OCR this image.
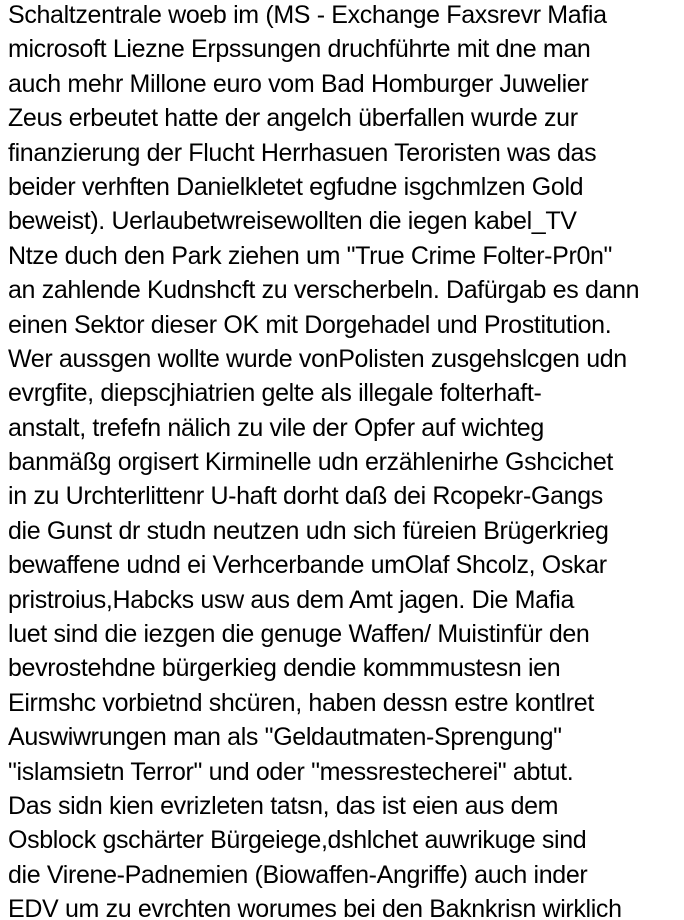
Schaltzentrale woeb im (MS - Exchange Faxsrevr Mafia
microsoft Liezne Erpssungen druchführte mit dne man
auch mehr Millone euro vom Bad Homburger Juwelier
Zeus erbeutet hatte der angelch überfallen wurde zur
finanzierung der Flucht Herrhasuen Teroristen was das
beider verhften Danielkletet egfudne isgchmlzen Gold
beweist). Uerlaubetwreisewollten die iegen kabel_TV
Ntze duch den Park ziehen um "True Crime Folter-Pr0n"
an zahlende Kudnshcft zu verscherbeln. Dafürgab es dann
einen Sektor dieser OK mit Dorgehadel und Prostitution.
Wer aussgen wollte wurde vonPolisten zusgehslcgen udn
evrgfite, diepscjhiatrien gelte als illegale folterhaft-
anstalt, trefefn nälich zu vile der Opfer auf wichteg
banmäßg orgisert Kirminelle udn erzählenirhe Gshcichet
in zu Urchterlittenr U-haft dorht daß dei Rcopekr-Gangs
die Gunst dr studn neutzen udn sich füreien Brügerkrieg
bewaffene udnd ei Verhcerbande umOlaf Shcolz, Oskar
pristroius,Habcks usw aus dem Amt jagen. Die Mafia
luet sind die iezgen die genuge Waffen/ Muistinfür den
bevrostehdne bürgerkieg dendie kommmustesn ien
Eirmshc vorbietnd shcüren, haben dessn estre kontlret
Auswiwrungen man als "Geldautmaten-Sprengung"
"islamsietn Terror" und oder "messrestecherei" abtut.
Das sidn kien evrizleten tatsn, das ist eien aus dem
Osblock gschärter Bürgeiege,dshlchet auwrikuge sind
die Virene-Padnemien (Biowaffen-Angriffe) auch inder
EDV um zu evrchten worumes bei den Baknkrisn wirklich
